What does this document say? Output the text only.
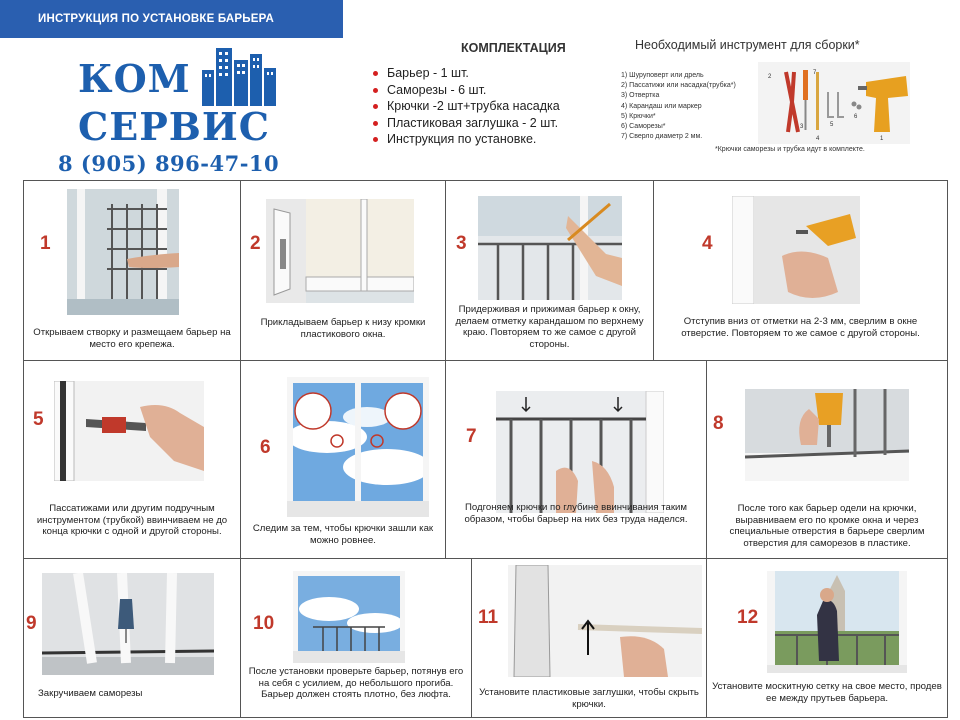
ИНСТРУКЦИЯ ПО УСТАНОВКЕ БАРЬЕРА
КОМ
СЕРВИС
8 (905) 896-47-10
КОМПЛЕКТАЦИЯ
Барьер - 1 шт.
Саморезы - 6 шт.
Крючки -2 шт+трубка насадка
Пластиковая заглушка - 2 шт.
Инструкция по установке.
Необходимый инструмент для сборки*
1) Шуруповерт или дрель
2) Пассатижи или насадка(трубка*)
3) Отвертка
4) Карандаш или маркер
5) Крючки*
6) Саморезы*
7) Сверло диаметр 2 мм.
2
7
3
4
5
6
1
*Крючки саморезы и трубка идут в комплекте.
1
Открываем створку и размещаем барьер на место его крепежа.
2
Прикладываем барьер к низу кромки пластикового окна.
3
Придерживая и прижимая барьер к окну, делаем отметку карандашом по верхнему краю. Повторяем то же самое с другой стороны.
4
Отступив вниз от отметки на 2-3 мм, сверлим в окне отверстие. Повторяем то же самое с другой стороны.
5
Пассатижами или другим подручным инструментом (трубкой) ввинчиваем не до конца крючки с одной и другой стороны.
6
Следим за тем, чтобы крючки зашли как можно ровнее.
7
Подгоняем крючки по глубине ввинчивания таким образом, чтобы барьер на них без труда наделся.
8
После того как барьер одели на крючки, выравниваем его по кромке окна и через специальные отверстия в барьере сверлим отверстия для саморезов в пластике.
9
Закручиваем саморезы
10
После установки проверьте барьер, потянув его на себя с усилием, до небольшого прогиба. Барьер должен стоять плотно, без люфта.
11
Установите пластиковые заглушки, чтобы скрыть крючки.
12
Установите москитную сетку на свое место, продев ее между прутьев барьера.
